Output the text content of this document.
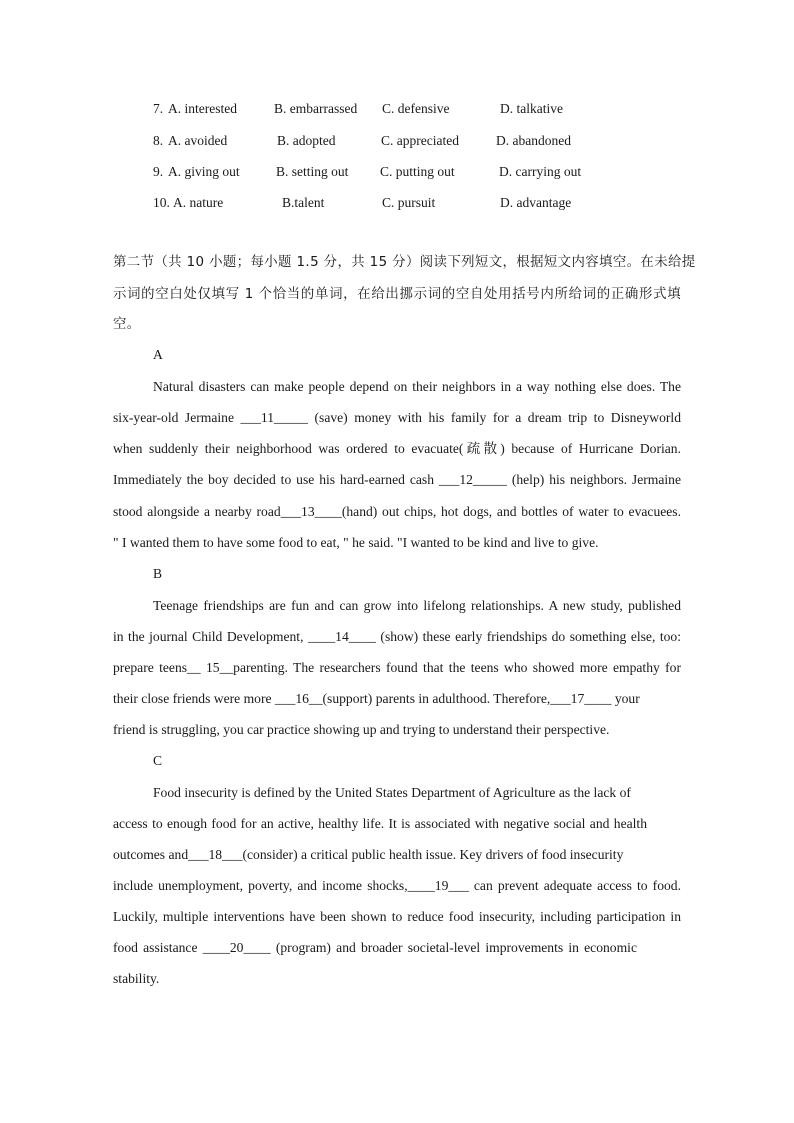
7. A. interested	B. embarrassed C. defensive	D. talkative
8. A. avoided	B. adopted	C. appreciated	D. abandoned
9. A. giving out	B. setting out C. putting out	D. carrying out
10. A. nature	B.talent	C. pursuit	D. advantage
第二节（共 10 小题；每小题 1.5 分，共 15 分）阅读下列短文，根据短文内容填空。在未给提
示词的空白处仅填写 1 个恰当的单词，在给出挪示词的空自处用括号内所给词的正确形式填
空。
A
Natural disasters can make people depend on their neighbors in a way nothing else does. The
six-year-old Jermaine ___11_____ (save) money with his family for a dream trip to Disneyworld
when suddenly their neighborhood was ordered to evacuate(疏散) because of Hurricane Dorian.
Immediately the boy decided to use his hard-earned cash ___12_____ (help) his neighbors. Jermaine
stood alongside a nearby road___13____(hand) out chips, hot dogs, and bottles of water to evacuees.
" I wanted them to have some food to eat, " he said. "I wanted to be kind and live to give.
B
Teenage friendships are fun and can grow into lifelong relationships. A new study, published
in the journal Child Development, ____14____ (show) these early friendships do something else, too:
prepare teens__ 15__parenting. The researchers found that the teens who showed more empathy for
their close friends were more ___16__(support) parents in adulthood. Therefore,___17____ your
friend is struggling, you car practice showing up and trying to understand their perspective.
C
Food insecurity is defined by the United States Department of Agriculture as the lack of
access to enough food for an active, healthy life. It is associated with negative social and health
outcomes and___18___(consider) a critical public health issue. Key drivers of food insecurity
include unemployment, poverty, and income shocks,____19___ can prevent adequate access to food.
Luckily, multiple interventions have been shown to reduce food insecurity, including participation in
food assistance ____20____ (program) and broader societal-level improvements in economic
stability.
